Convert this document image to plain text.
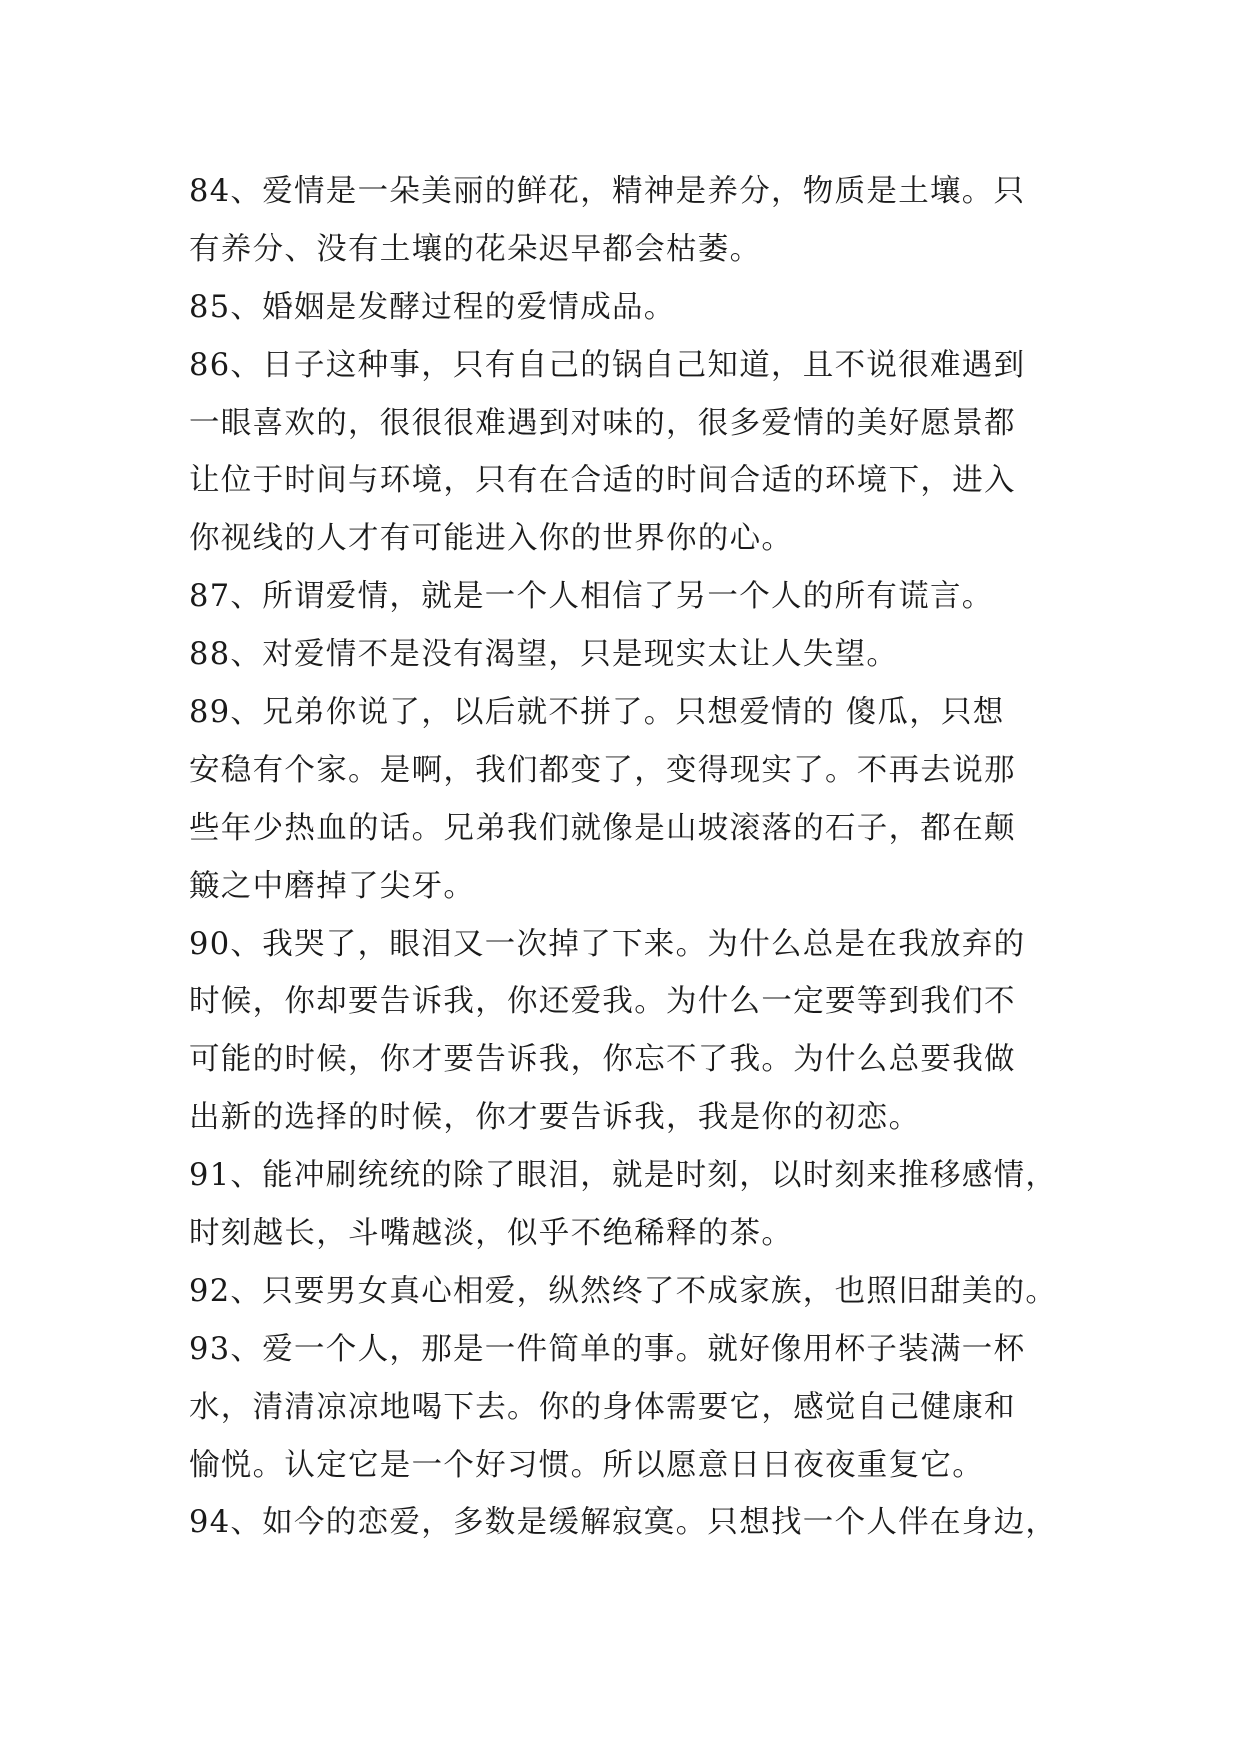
84、爱情是一朵美丽的鲜花，精神是养分，物质是土壤。只

有养分、没有土壤的花朵迟早都会枯萎。

85、婚姻是发酵过程的爱情成品。

86、日子这种事，只有自己的锅自己知道，且不说很难遇到

一眼喜欢的，很很很难遇到对味的，很多爱情的美好愿景都

让位于时间与环境，只有在合适的时间合适的环境下，进入

你视线的人才有可能进入你的世界你的心。

87、所谓爱情，就是一个人相信了另一个人的所有谎言。

88、对爱情不是没有渴望，只是现实太让人失望。

89、兄弟你说了，以后就不拼了。只想爱情的 傻瓜，只想

安稳有个家。是啊，我们都变了，变得现实了。不再去说那

些年少热血的话。兄弟我们就像是山坡滚落的石子，都在颠

簸之中磨掉了尖牙。

90、我哭了，眼泪又一次掉了下来。为什么总是在我放弃的

时候，你却要告诉我，你还爱我。为什么一定要等到我们不

可能的时候，你才要告诉我，你忘不了我。为什么总要我做

出新的选择的时候，你才要告诉我，我是你的初恋。

91、能冲刷统统的除了眼泪，就是时刻，以时刻来推移感情，

时刻越长，斗嘴越淡，似乎不绝稀释的茶。

92、只要男女真心相爱，纵然终了不成家族，也照旧甜美的。

93、爱一个人，那是一件简单的事。就好像用杯子装满一杯

水，清清凉凉地喝下去。你的身体需要它，感觉自己健康和

愉悦。认定它是一个好习惯。所以愿意日日夜夜重复它。

94、如今的恋爱，多数是缓解寂寞。只想找一个人伴在身边，
